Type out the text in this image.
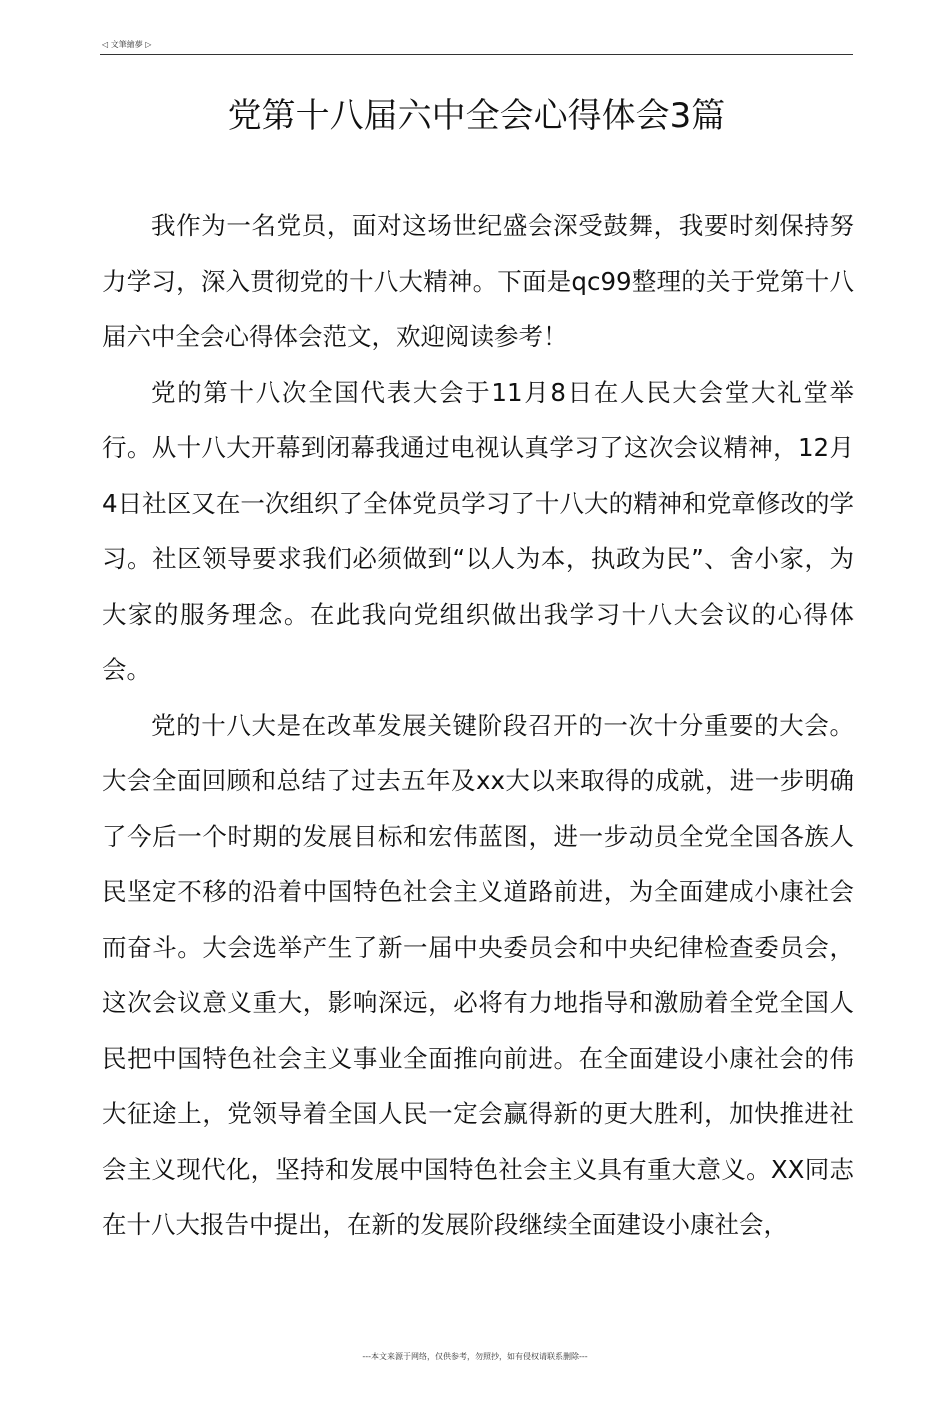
◁ 文筆繪夢 ▷
党第十八届六中全会心得体会3篇

我作为一名党员，面对这场世纪盛会深受鼓舞，我要时刻保持努力学习，深入贯彻党的十八大精神。下面是qc99整理的关于党第十八届六中全会心得体会范文，欢迎阅读参考！

党的第十八次全国代表大会于11月8日在人民大会堂大礼堂举行。从十八大开幕到闭幕我通过电视认真学习了这次会议精神，12月4日社区又在一次组织了全体党员学习了十八大的精神和党章修改的学习。社区领导要求我们必须做到“以人为本，执政为民”、舍小家，为大家的服务理念。在此我向党组织做出我学习十八大会议的心得体会。

党的十八大是在改革发展关键阶段召开的一次十分重要的大会。大会全面回顾和总结了过去五年及xx大以来取得的成就，进一步明确了今后一个时期的发展目标和宏伟蓝图，进一步动员全党全国各族人民坚定不移的沿着中国特色社会主义道路前进，为全面建成小康社会而奋斗。大会选举产生了新一届中央委员会和中央纪律检查委员会，这次会议意义重大，影响深远，必将有力地指导和激励着全党全国人民把中国特色社会主义事业全面推向前进。在全面建设小康社会的伟大征途上，党领导着全国人民一定会赢得新的更大胜利，加快推进社会主义现代化，坚持和发展中国特色社会主义具有重大意义。XX同志在十八大报告中提出，在新的发展阶段继续全面建设小康社会，

---本文来源于网络，仅供参考，勿照抄，如有侵权请联系删除---
